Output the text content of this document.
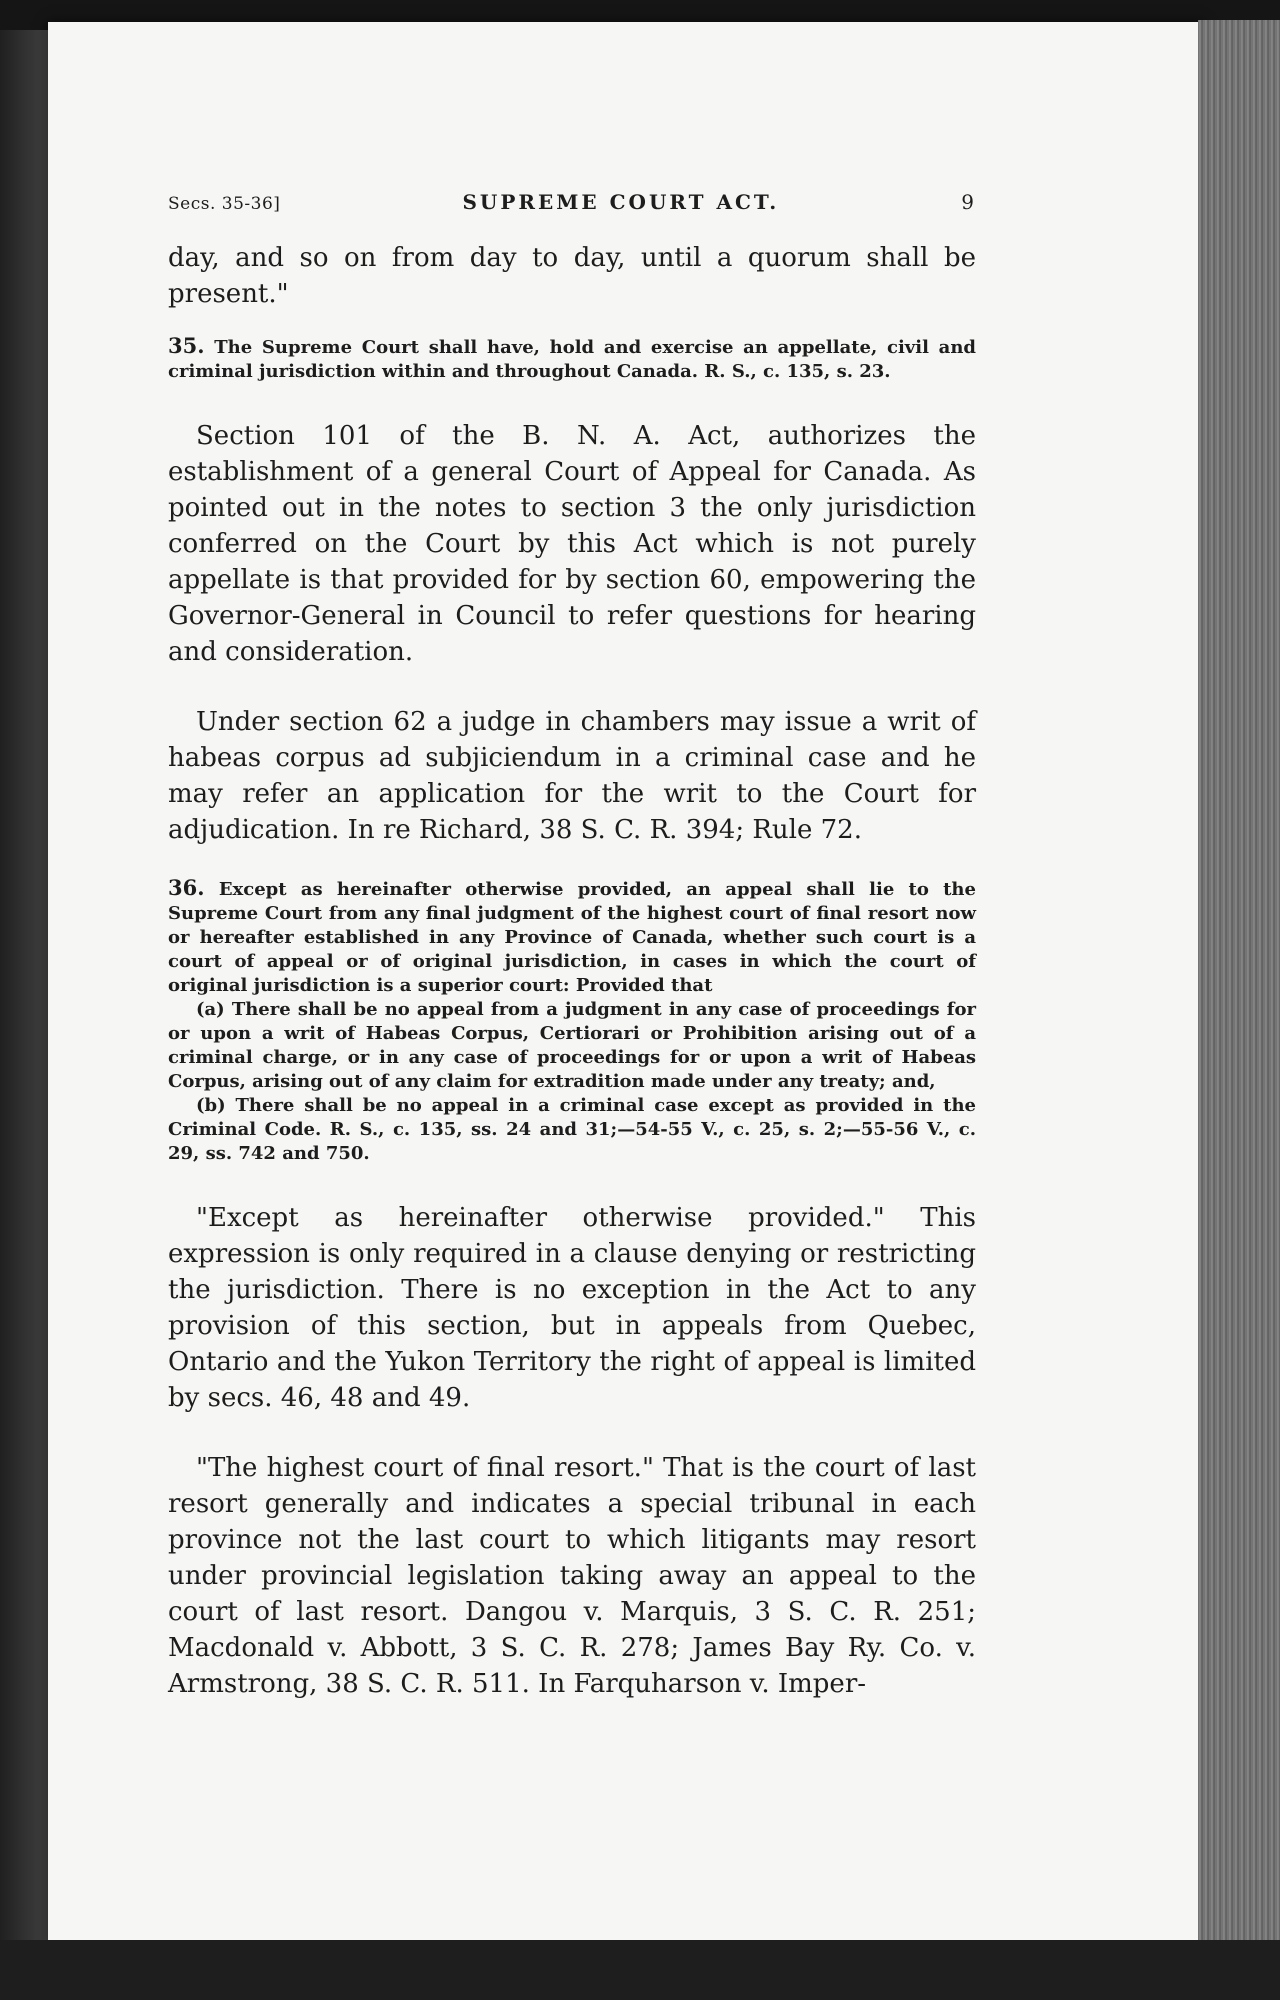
Secs. 35-36]	SUPREME COURT ACT.	9

day, and so on from day to day, until a quorum shall be present."

35. The Supreme Court shall have, hold and exercise an appellate, civil and criminal jurisdiction within and throughout Canada. R. S., c. 135, s. 23.

Section 101 of the B. N. A. Act, authorizes the establishment of a general Court of Appeal for Canada. As pointed out in the notes to section 3 the only jurisdiction conferred on the Court by this Act which is not purely appellate is that provided for by section 60, empowering the Governor-General in Council to refer questions for hearing and consideration.

Under section 62 a judge in chambers may issue a writ of habeas corpus ad subjiciendum in a criminal case and he may refer an application for the writ to the Court for adjudication. In re Richard, 38 S. C. R. 394; Rule 72.

36. Except as hereinafter otherwise provided, an appeal shall lie to the Supreme Court from any final judgment of the highest court of final resort now or hereafter established in any Province of Canada, whether such court is a court of appeal or of original jurisdiction, in cases in which the court of original jurisdiction is a superior court: Provided that

(a) There shall be no appeal from a judgment in any case of proceedings for or upon a writ of Habeas Corpus, Certiorari or Prohibition arising out of a criminal charge, or in any case of proceedings for or upon a writ of Habeas Corpus, arising out of any claim for extradition made under any treaty; and,

(b) There shall be no appeal in a criminal case except as provided in the Criminal Code. R. S., c. 135, ss. 24 and 31;—54-55 V., c. 25, s. 2;—55-56 V., c. 29, ss. 742 and 750.

"Except as hereinafter otherwise provided." This expression is only required in a clause denying or restricting the jurisdiction. There is no exception in the Act to any provision of this section, but in appeals from Quebec, Ontario and the Yukon Territory the right of appeal is limited by secs. 46, 48 and 49.

"The highest court of final resort." That is the court of last resort generally and indicates a special tribunal in each province not the last court to which litigants may resort under provincial legislation taking away an appeal to the court of last resort. Dangou v. Marquis, 3 S. C. R. 251; Macdonald v. Abbott, 3 S. C. R. 278; James Bay Ry. Co. v. Armstrong, 38 S. C. R. 511. In Farquharson v. Imper-
